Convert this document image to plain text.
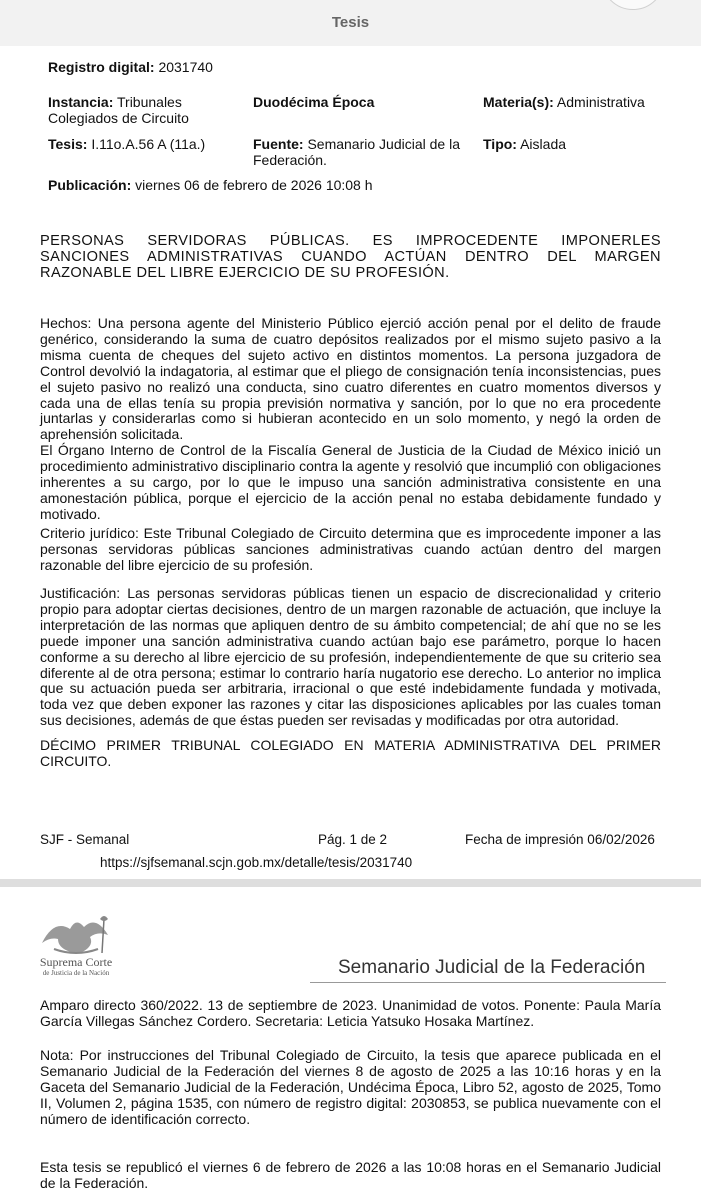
Tesis
Registro digital: 2031740
Instancia: Tribunales
Colegiados de Circuito
Duodécima Época	Materia(s): Administrativa
Tesis: I.11o.A.56 A (11a.)	Fuente: Semanario Judicial de la
Federación.
Tipo: Aislada
Publicación: viernes 06 de febrero de 2026 10:08 h
PERSONAS SERVIDORAS PÚBLICAS. ES IMPROCEDENTE IMPONERLES SANCIONES ADMINISTRATIVAS CUANDO ACTÚAN DENTRO DEL MARGEN RAZONABLE DEL LIBRE EJERCICIO DE SU PROFESIÓN.

Hechos: Una persona agente del Ministerio Público ejerció acción penal por el delito de fraude genérico, considerando la suma de cuatro depósitos realizados por el mismo sujeto pasivo a la misma cuenta de cheques del sujeto activo en distintos momentos. La persona juzgadora de Control devolvió la indagatoria, al estimar que el pliego de consignación tenía inconsistencias, pues el sujeto pasivo no realizó una conducta, sino cuatro diferentes en cuatro momentos diversos y cada una de ellas tenía su propia previsión normativa y sanción, por lo que no era procedente juntarlas y considerarlas como si hubieran acontecido en un solo momento, y negó la orden de aprehensión solicitada.

El Órgano Interno de Control de la Fiscalía General de Justicia de la Ciudad de México inició un procedimiento administrativo disciplinario contra la agente y resolvió que incumplió con obligaciones inherentes a su cargo, por lo que le impuso una sanción administrativa consistente en una amonestación pública, porque el ejercicio de la acción penal no estaba debidamente fundado y motivado.

Criterio jurídico: Este Tribunal Colegiado de Circuito determina que es improcedente imponer a las personas servidoras públicas sanciones administrativas cuando actúan dentro del margen razonable del libre ejercicio de su profesión.
Justificación: Las personas servidoras públicas tienen un espacio de discrecionalidad y criterio propio para adoptar ciertas decisiones, dentro de un margen razonable de actuación, que incluye la interpretación de las normas que apliquen dentro de su ámbito competencial; de ahí que no se les puede imponer una sanción administrativa cuando actúan bajo ese parámetro, porque lo hacen conforme a su derecho al libre ejercicio de su profesión, independientemente de que su criterio sea diferente al de otra persona; estimar lo contrario haría nugatorio ese derecho. Lo anterior no implica que su actuación pueda ser arbitraria, irracional o que esté indebidamente fundada y motivada, toda vez que deben exponer las razones y citar las disposiciones aplicables por las cuales toman sus decisiones, además de que éstas pueden ser revisadas y modificadas por otra autoridad.
DÉCIMO PRIMER TRIBUNAL COLEGIADO EN MATERIA ADMINISTRATIVA DEL PRIMER CIRCUITO.
SJF - Semanal	Pág. 1 de 2	Fecha de impresión 06/02/2026
https://sjfsemanal.scjn.gob.mx/detalle/tesis/2031740
Suprema Corte
de Justicia de la Nación	Semanario Judicial de la Federación
Amparo directo 360/2022. 13 de septiembre de 2023. Unanimidad de votos. Ponente: Paula María García Villegas Sánchez Cordero. Secretaria: Leticia Yatsuko Hosaka Martínez.
Nota: Por instrucciones del Tribunal Colegiado de Circuito, la tesis que aparece publicada en el Semanario Judicial de la Federación del viernes 8 de agosto de 2025 a las 10:16 horas y en la Gaceta del Semanario Judicial de la Federación, Undécima Época, Libro 52, agosto de 2025, Tomo II, Volumen 2, página 1535, con número de registro digital: 2030853, se publica nuevamente con el número de identificación correcto.
Esta tesis se republicó el viernes 6 de febrero de 2026 a las 10:08 horas en el Semanario Judicial de la Federación.
